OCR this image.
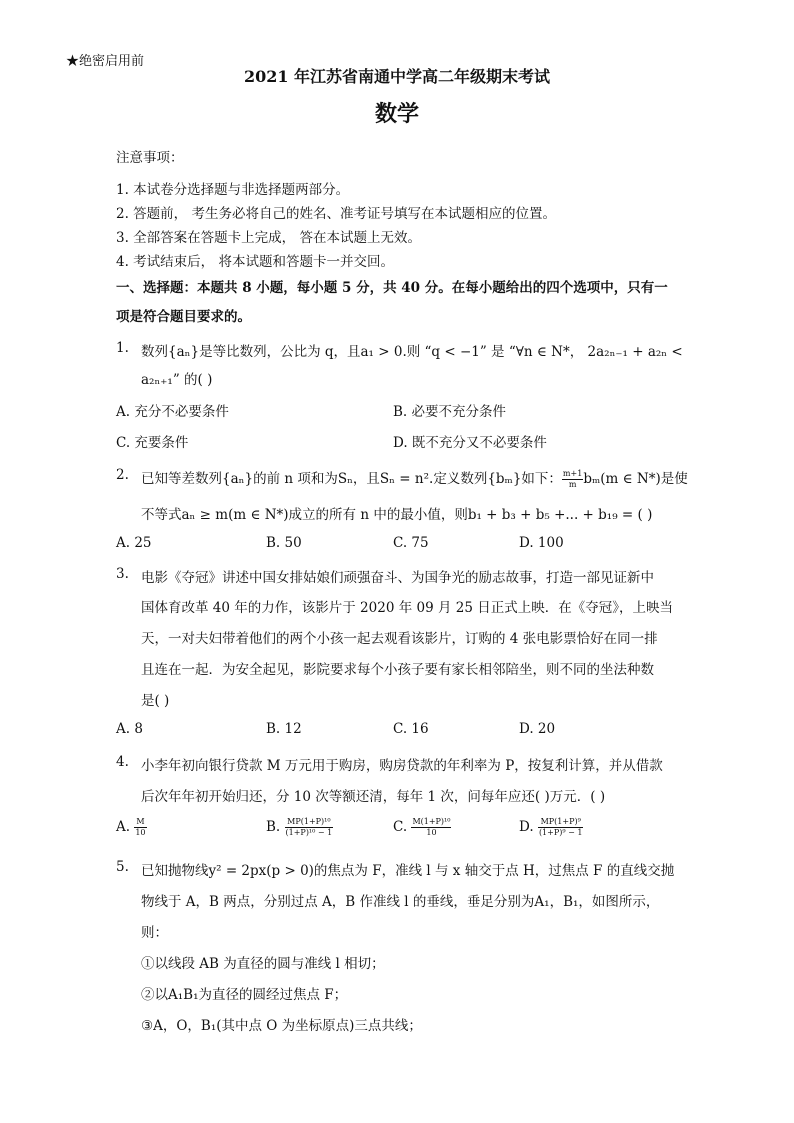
★绝密启用前
2021 年江苏省南通中学高二年级期末考试
数学
注意事项：
1. 本试卷分选择题与非选择题两部分。
2. 答题前， 考生务必将自己的姓名、准考证号填写在本试题相应的位置。
3. 全部答案在答题卡上完成， 答在本试题上无效。
4. 考试结束后， 将本试题和答题卡一并交回。
一、选择题：本题共 8 小题，每小题 5 分，共 40 分。在每小题给出的四个选项中，只有一
项是符合题目要求的。
1. 数列{aₙ}是等比数列，公比为 q，且a₁ > 0.则 “q < −1” 是 “∀n ∈ N*， 2a₂ₙ₋₁ + a₂ₙ <
a₂ₙ₊₁” 的( )
A. 充分不必要条件	B. 必要不充分条件
C. 充要条件	D. 既不充分又不必要条件
2. 已知等差数列{aₙ}的前 n 项和为Sₙ，且Sₙ = n².定义数列{bₘ}如下： $\frac{m+1}{m} b_m(m$ ∈ N*)是使
不等式aₙ ≥ m(m ∈ N*)成立的所有 n 中的最小值，则b₁ + b₃ + b₅ +... + b₁₉ = ( )
A. 25	B. 50	C. 75	D. 100
3. 电影《夺冠》讲述中国女排姑娘们顽强奋斗、为国争光的励志故事，打造一部见证新中
国体育改革 40 年的力作，该影片于 2020 年 09 月 25 日正式上映．在《夺冠》，上映当
天，一对夫妇带着他们的两个小孩一起去观看该影片，订购的 4 张电影票恰好在同一排
且连在一起．为安全起见，影院要求每个小孩子要有家长相邻陪坐，则不同的坐法种数
是( )
A. 8	B. 12	C. 16	D. 20
4. 小李年初向银行贷款 M 万元用于购房，购房贷款的年利率为 P，按复利计算，并从借款
后次年年初开始归还，分 10 次等额还清，每年 1 次，问每年应还( )万元．( )
A. $\frac{M}{10}$	B. $\frac{\text{MP(1+P)¹⁰}}{\text{(1+P)¹⁰ − 1}}$	C. $\frac{\text{M(1+P)¹⁰}}{10}$	D. $\frac{\text{MP(1+P)⁹}}{\text{(1+P)⁹ − 1}}$
5. 已知抛物线y² = 2px(p > 0)的焦点为 F，准线 l 与 x 轴交于点 H，过焦点 F 的直线交抛
物线于 A，B 两点，分别过点 A，B 作准线 l 的垂线，垂足分别为A₁，B₁，如图所示，
则：
①以线段 AB 为直径的圆与准线 l 相切；
②以A₁B₁为直径的圆经过焦点 F；
③A，O，B₁(其中点 O 为坐标原点)三点共线；
